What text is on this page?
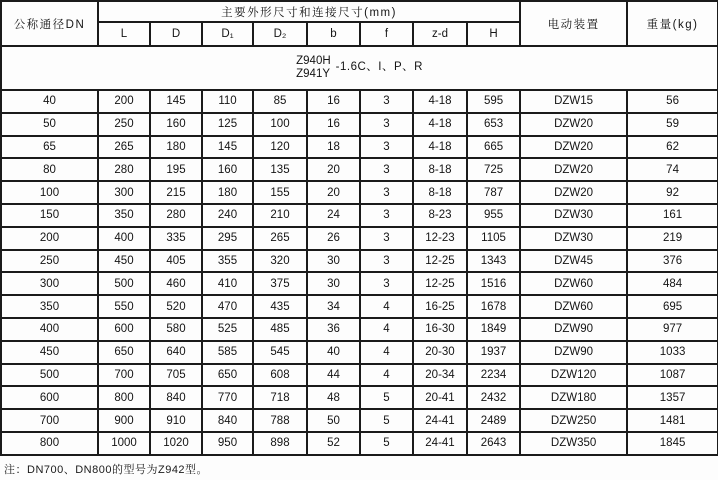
公称通径DN	主要外形尺寸和连接尺寸(mm)								电动装置	重量(kg)
	L	D	D₁	D₂	b	f	z-d	H		

Z940H
Z941Y
-1.6C、I、P、R										

40	200	145	110	85	16	3	4-18	595	DZW15	56
50	250	160	125	100	16	3	4-18	653	DZW20	59
65	265	180	145	120	18	3	4-18	665	DZW20	62
80	280	195	160	135	20	3	8-18	725	DZW20	74
100	300	215	180	155	20	3	8-18	787	DZW20	92
150	350	280	240	210	24	3	8-23	955	DZW30	161
200	400	335	295	265	26	3	12-23	1105	DZW30	219
250	450	405	355	320	30	3	12-25	1343	DZW45	376
300	500	460	410	375	30	3	12-25	1516	DZW60	484
350	550	520	470	435	34	4	16-25	1678	DZW60	695
400	600	580	525	485	36	4	16-30	1849	DZW90	977
450	650	640	585	545	40	4	20-30	1937	DZW90	1033
500	700	705	650	608	44	4	20-34	2234	DZW120	1087
600	800	840	770	718	48	5	20-41	2432	DZW180	1357
700	900	910	840	788	50	5	24-41	2489	DZW250	1481
800	1000	1020	950	898	52	5	24-41	2643	DZW350	1845
注：DN700、DN800的型号为Z942型。
